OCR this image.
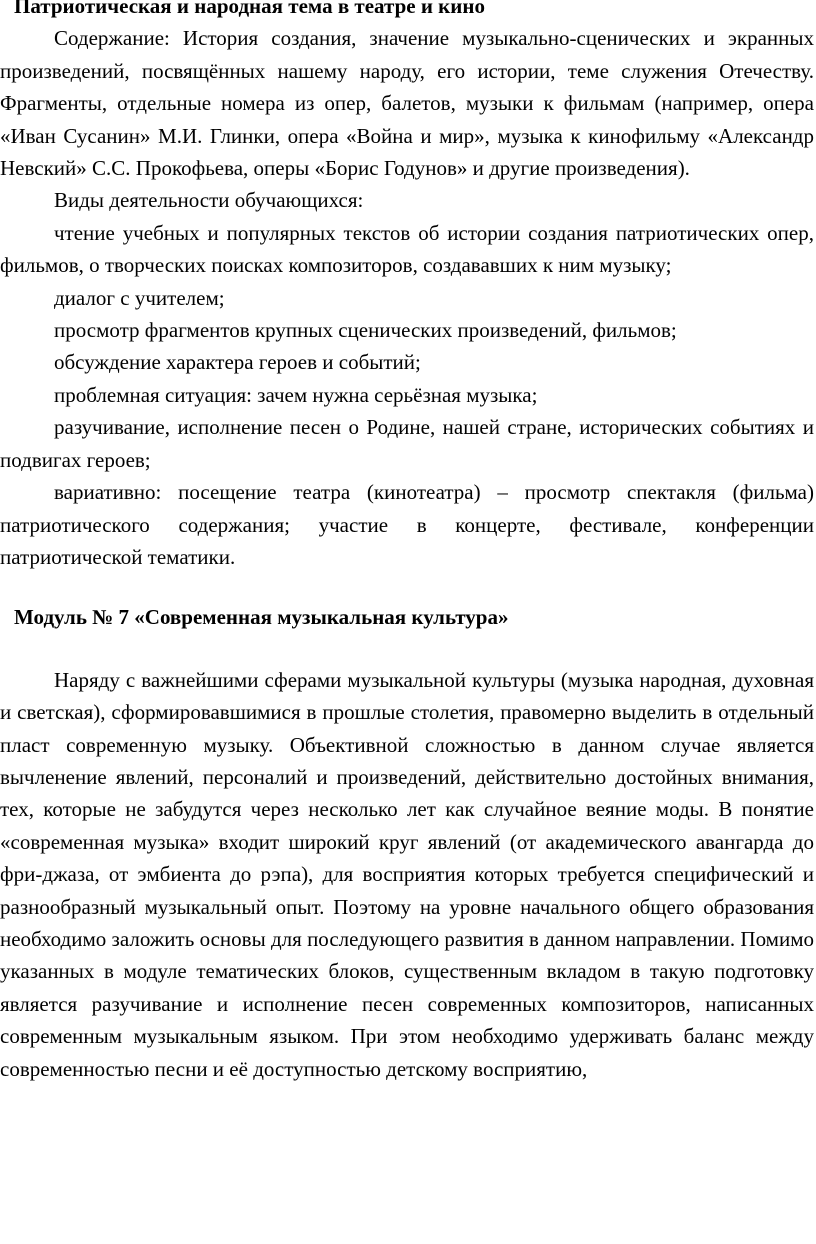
Патриотическая и народная тема в театре и кино

Содержание: История создания, значение музыкально-сценических и экранных произведений, посвящённых нашему народу, его истории, теме служения Отечеству. Фрагменты, отдельные номера из опер, балетов, музыки к фильмам (например, опера «Иван Сусанин» М.И. Глинки, опера «Война и мир», музыка к кинофильму «Александр Невский» С.С. Прокофьева, оперы «Борис Годунов» и другие произведения).

Виды деятельности обучающихся:

чтение учебных и популярных текстов об истории создания патриотических опер, фильмов, о творческих поисках композиторов, создававших к ним музыку;

диалог с учителем;

просмотр фрагментов крупных сценических произведений, фильмов;

обсуждение характера героев и событий;

проблемная ситуация: зачем нужна серьёзная музыка;

разучивание, исполнение песен о Родине, нашей стране, исторических событиях и подвигах героев;

вариативно: посещение театра (кинотеатра) – просмотр спектакля (фильма) патриотического содержания; участие в концерте, фестивале, конференции патриотической тематики.

Модуль № 7 «Современная музыкальная культура»

Наряду с важнейшими сферами музыкальной культуры (музыка народная, духовная и светская), сформировавшимися в прошлые столетия, правомерно выделить в отдельный пласт современную музыку. Объективной сложностью в данном случае является вычленение явлений, персоналий и произведений, действительно достойных внимания, тех, которые не забудутся через несколько лет как случайное веяние моды. В понятие «современная музыка» входит широкий круг явлений (от академического авангарда до фри-джаза, от эмбиента до рэпа), для восприятия которых требуется специфический и разнообразный музыкальный опыт. Поэтому на уровне начального общего образования необходимо заложить основы для последующего развития в данном направлении. Помимо указанных в модуле тематических блоков, существенным вкладом в такую подготовку является разучивание и исполнение песен современных композиторов, написанных современным музыкальным языком. При этом необходимо удерживать баланс между современностью песни и её доступностью детскому восприятию,
